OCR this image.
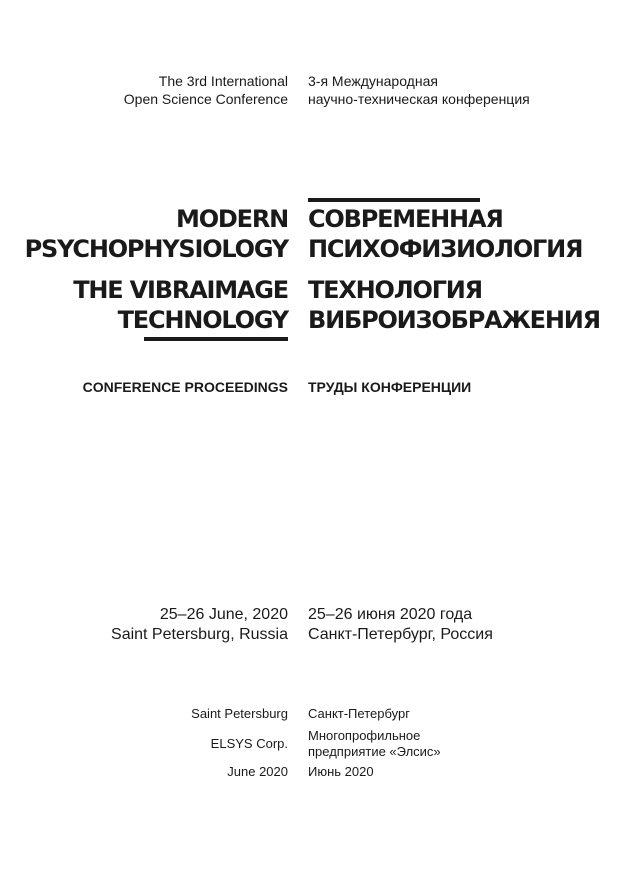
The 3rd International
Open Science Conference
3-я Международная
научно-техническая конференция
MODERN
PSYCHOPHYSIOLOGY
СОВРЕМЕННАЯ
ПСИХОФИЗИОЛОГИЯ
THE VIBRAIMAGE
TECHNOLOGY
ТЕХНОЛОГИЯ
ВИБРОИЗОБРАЖЕНИЯ
CONFERENCE PROCEEDINGS ТРУДЫ КОНФЕРЕНЦИИ
25–26 June, 2020
Saint Petersburg, Russia
25–26 июня 2020 года
Санкт-Петербург, Россия
Saint Petersburg Санкт-Петербург
ELSYS Corp.
Многопрофильное
предприятие «Элсис»
June 2020 Июнь 2020
